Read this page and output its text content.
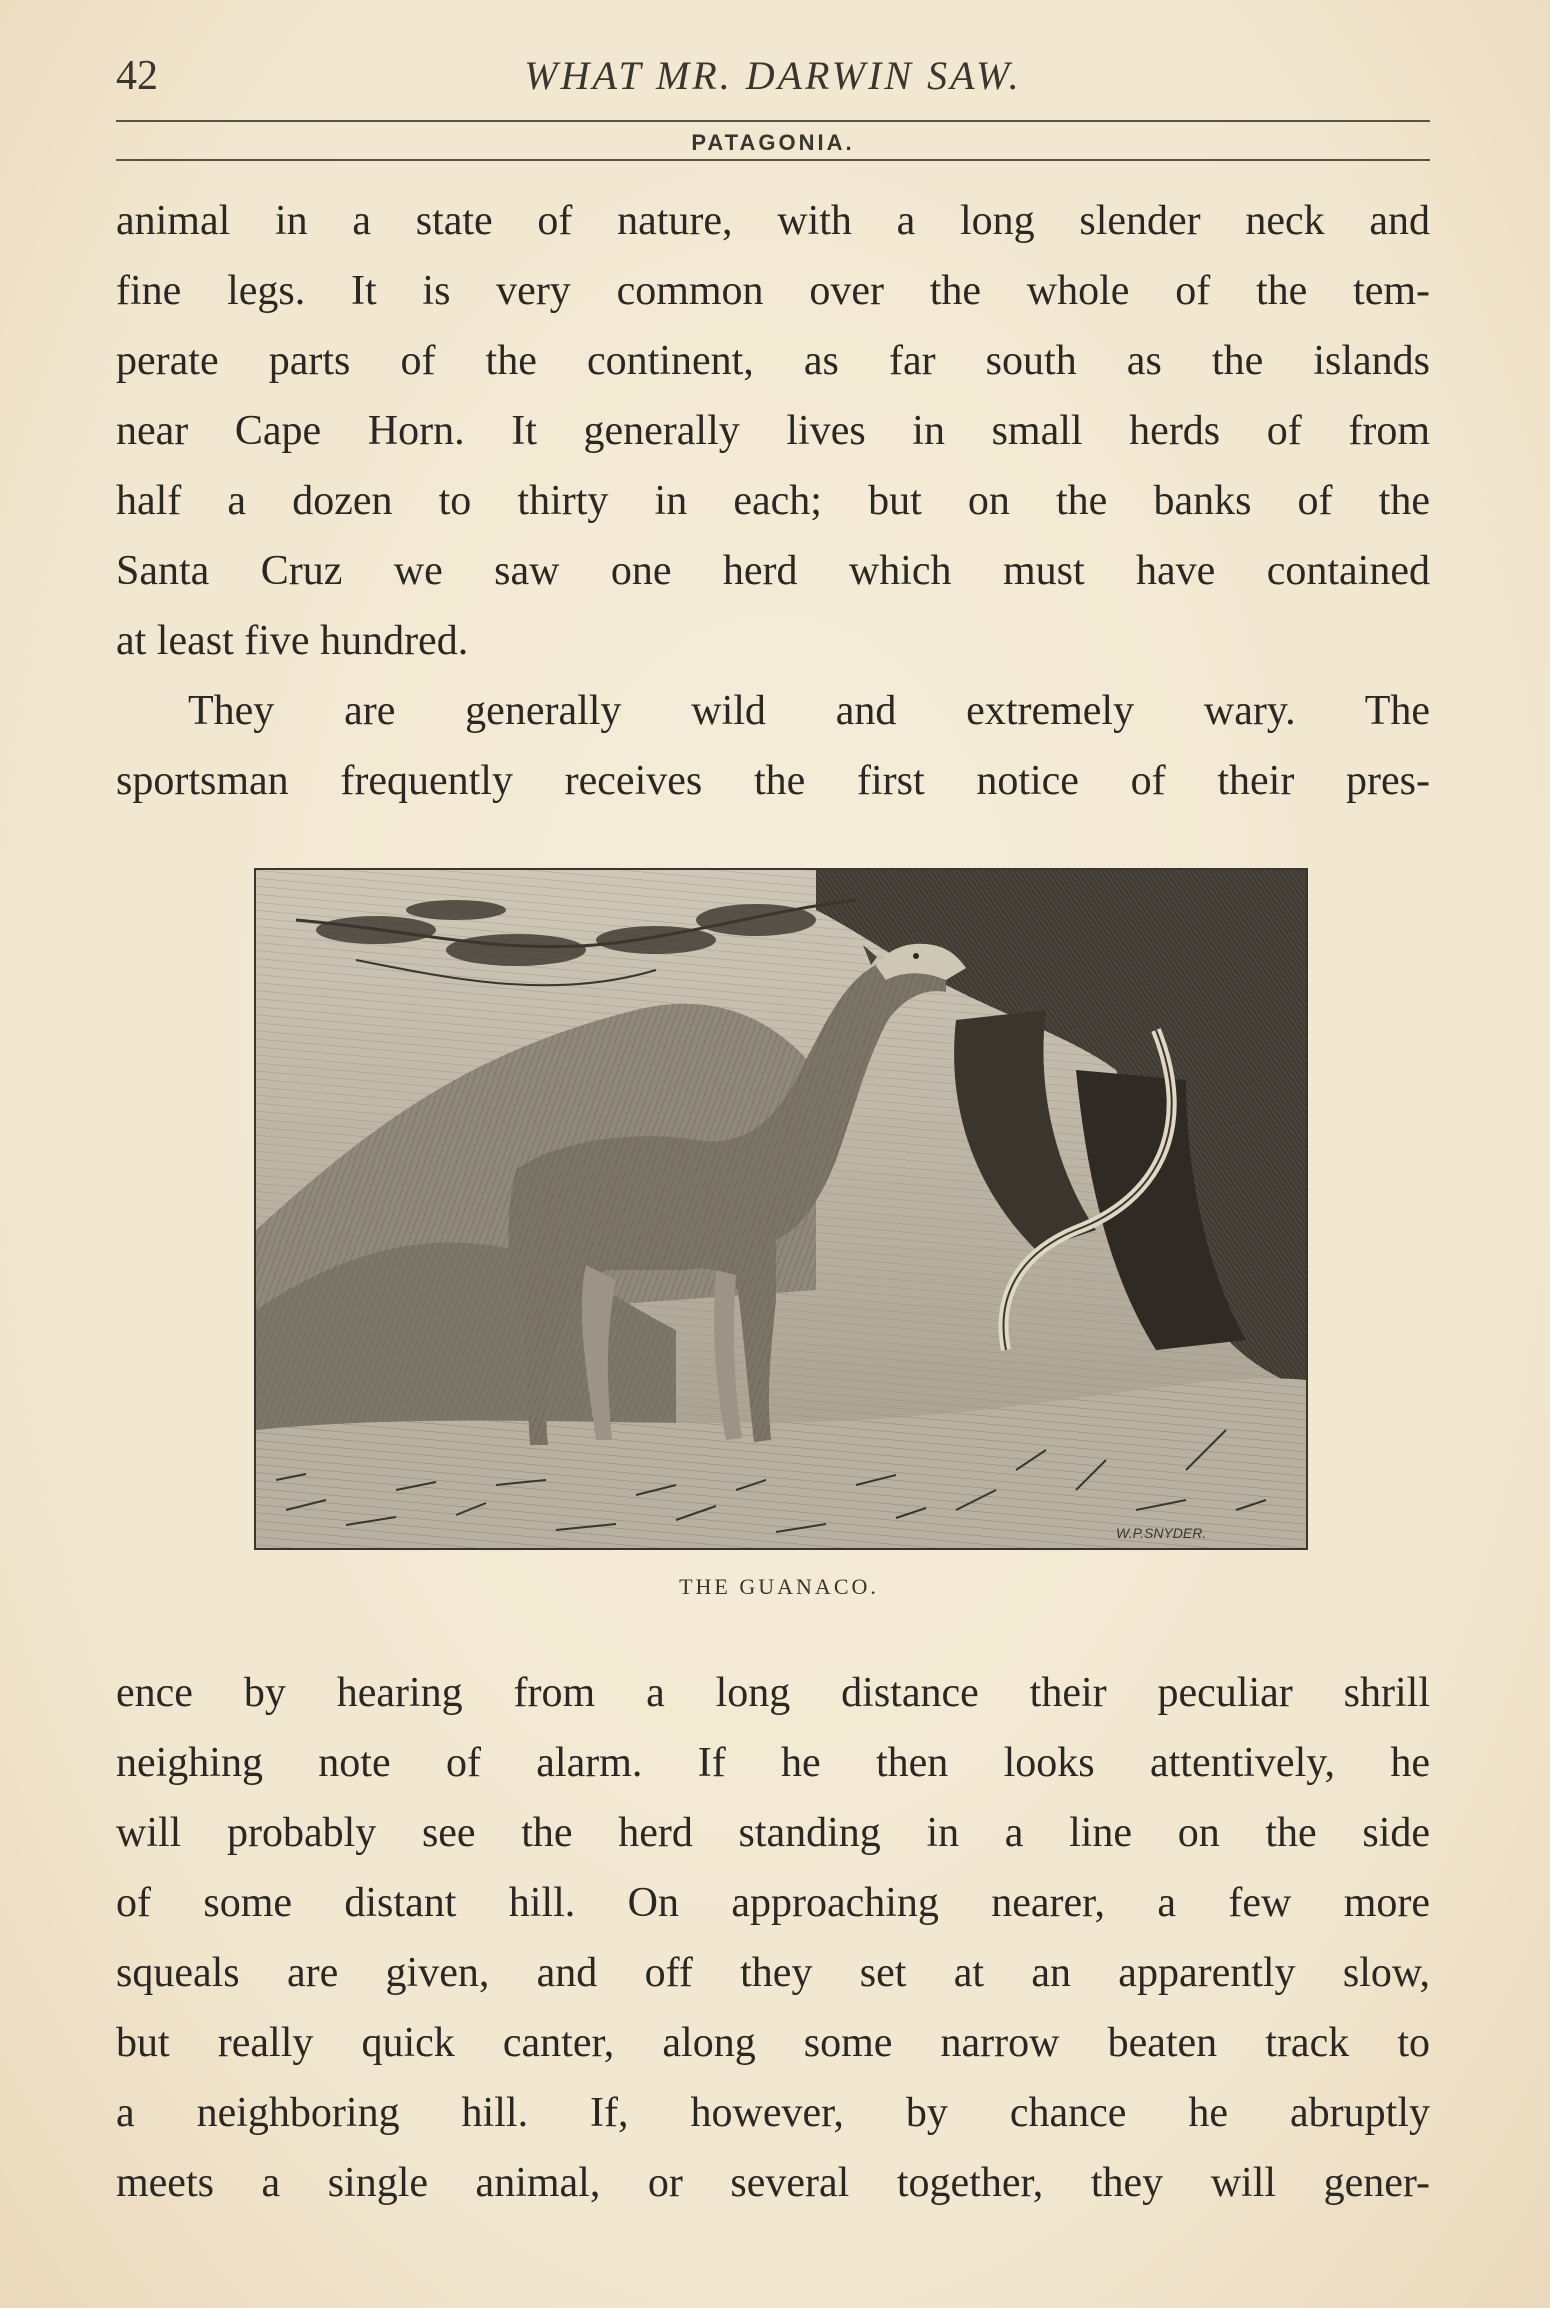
42	WHAT MR. DARWIN SAW.
PATAGONIA.

animal in a state of nature, with a long slender neck and

fine legs. It is very common over the whole of the tem-

perate parts of the continent, as far south as the islands

near Cape Horn. It generally lives in small herds of from

half a dozen to thirty in each; but on the banks of the

Santa Cruz we saw one herd which must have contained

at least five hundred.

They are generally wild and extremely wary. The

sportsman frequently receives the first notice of their pres-

W.P.SNYDER.
THE GUANACO.

ence by hearing from a long distance their peculiar shrill

neighing note of alarm. If he then looks attentively, he

will probably see the herd standing in a line on the side

of some distant hill. On approaching nearer, a few more

squeals are given, and off they set at an apparently slow,

but really quick canter, along some narrow beaten track to

a neighboring hill. If, however, by chance he abruptly

meets a single animal, or several together, they will gener-
